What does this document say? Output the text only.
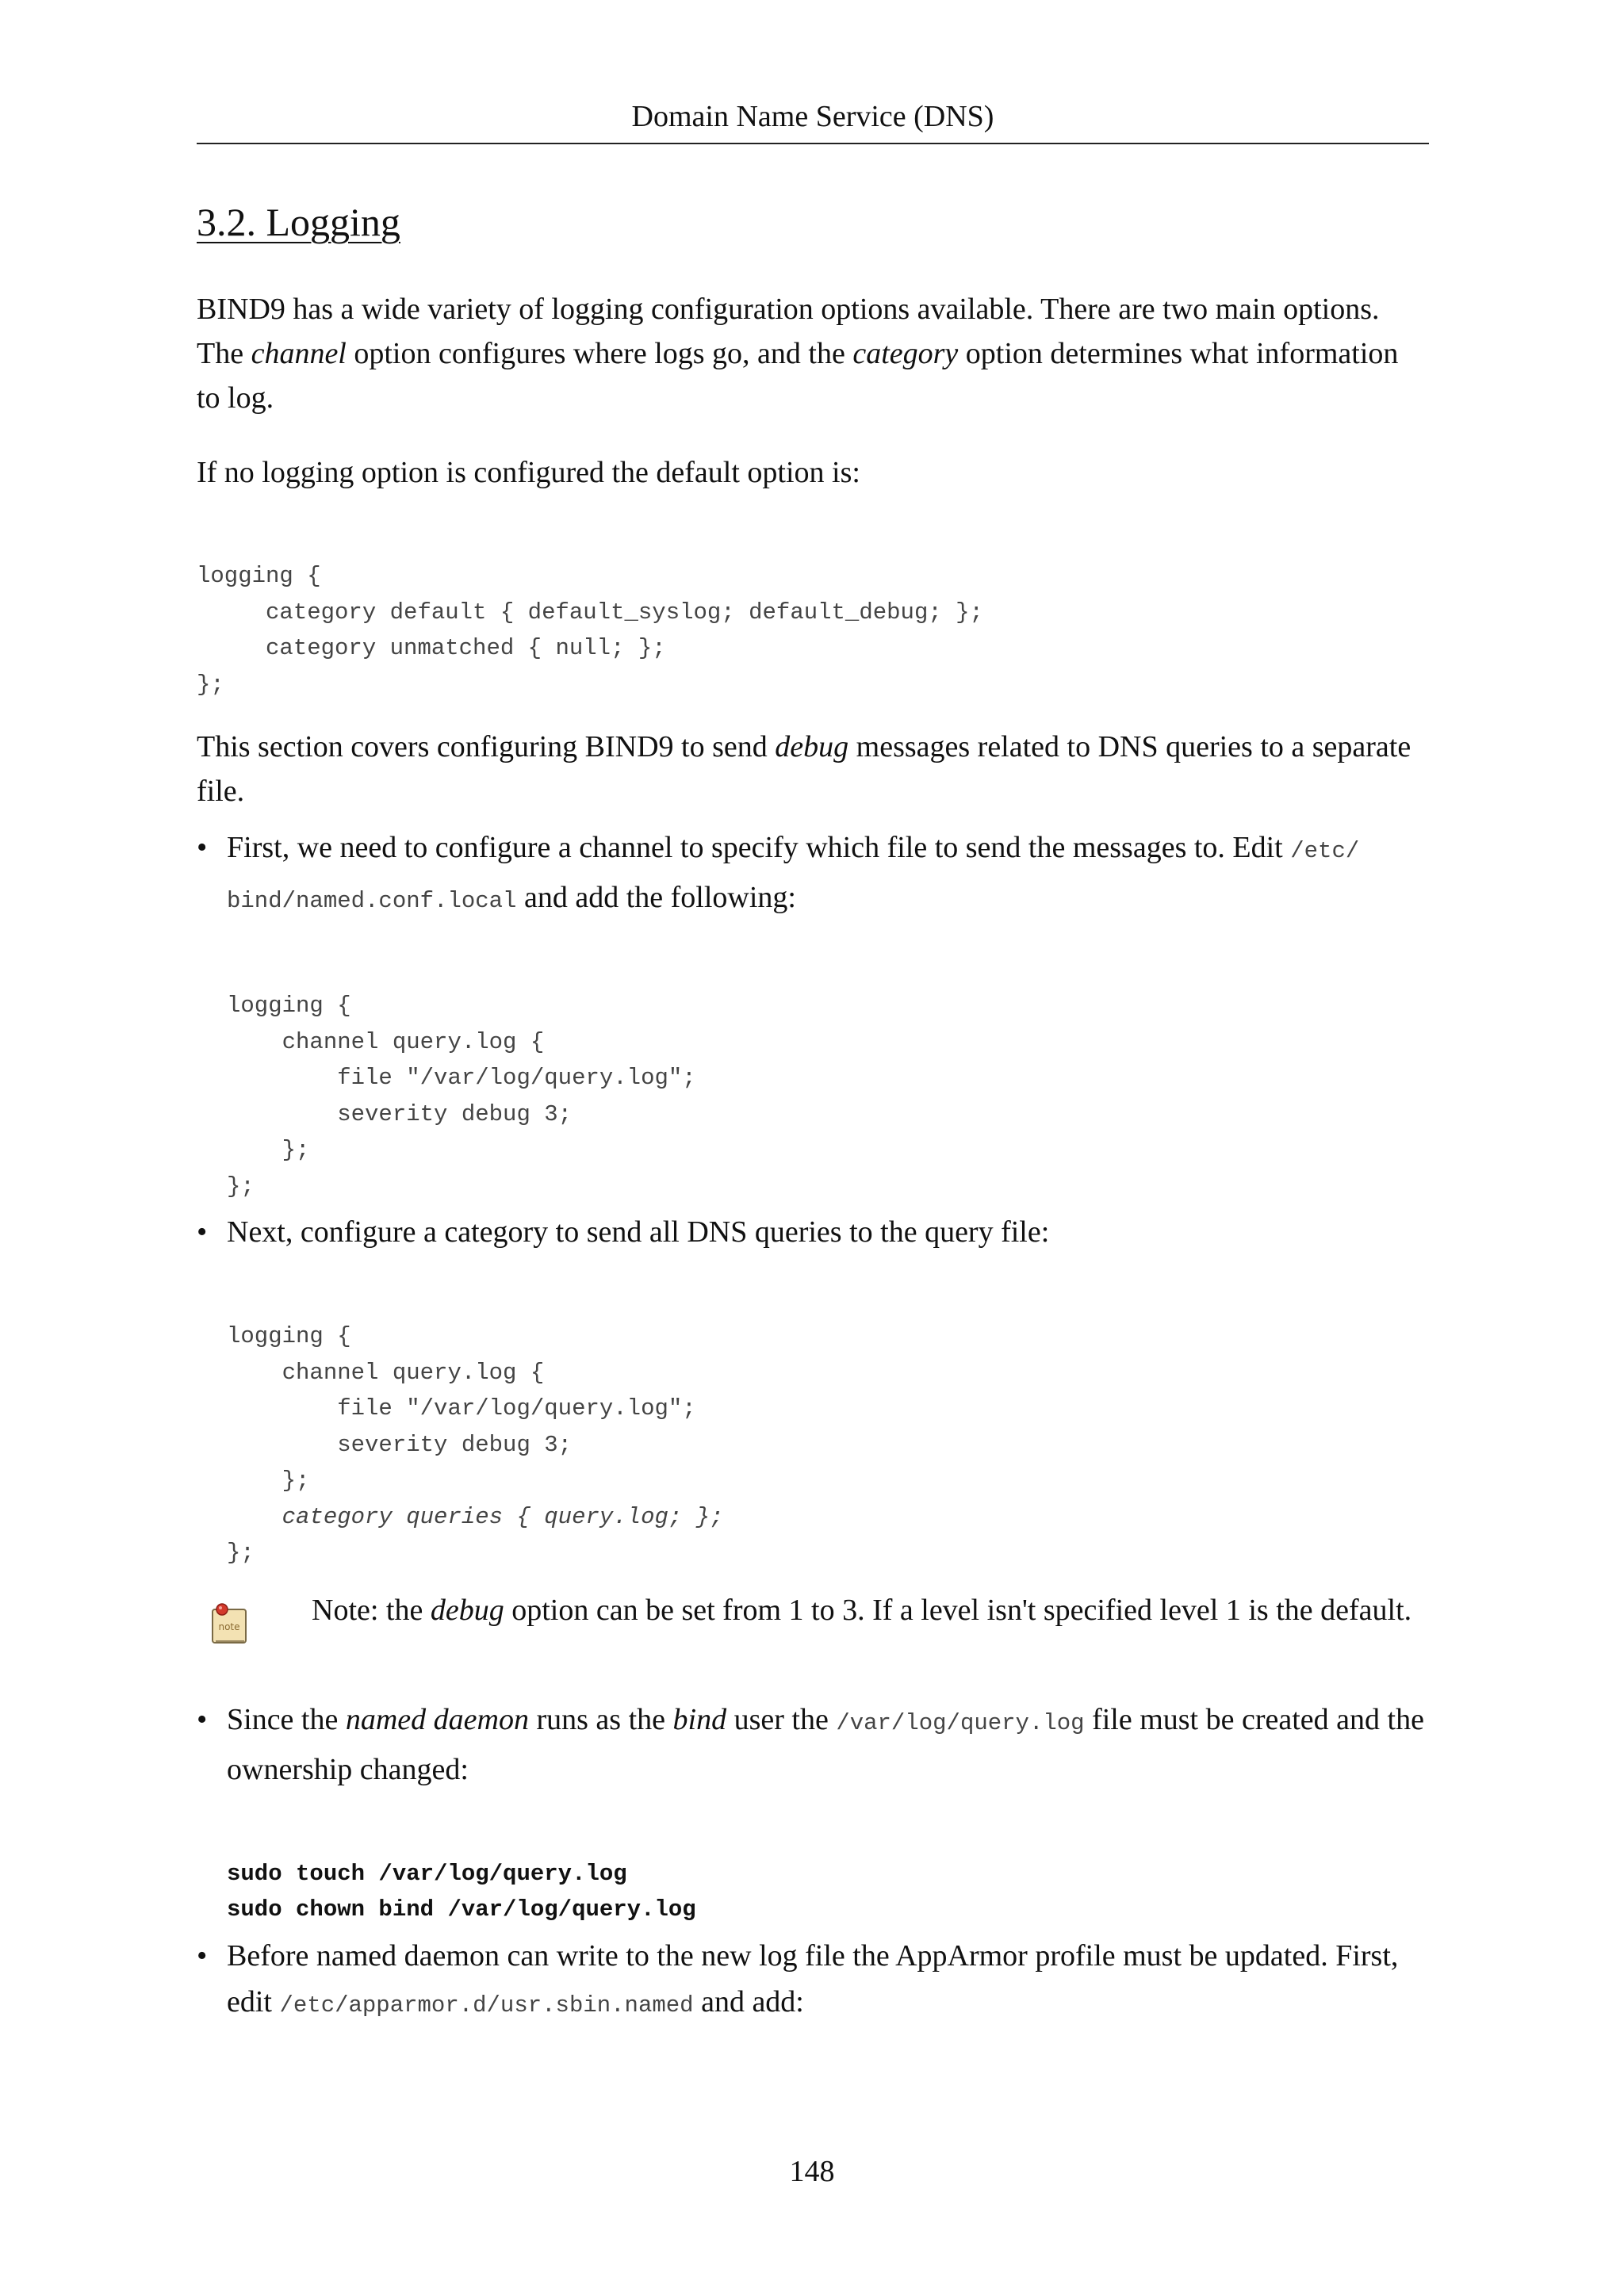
Domain Name Service (DNS)
3.2. Logging

BIND9 has a wide variety of logging configuration options available. There are two main options. The channel option configures where logs go, and the category option determines what information to log.

If no logging option is configured the default option is:

logging {
category default { default_syslog; default_debug; };
category unmatched { null; };
};

This section covers configuring BIND9 to send debug messages related to DNS queries to a separate file.

• First, we need to configure a channel to specify which file to send the messages to. Edit /etc/
bind/named.conf.local and add the following:
logging {
channel query.log {
file "/var/log/query.log";
severity debug 3;
};
};
• Next, configure a category to send all DNS queries to the query file:
logging {
channel query.log {
file "/var/log/query.log";
severity debug 3;
};
category queries { query.log; };
};
note Note: the debug option can be set from 1 to 3. If a level isn't specified level 1 is the default.
• Since the named daemon runs as the bind user the /var/log/query.log file must be created and the ownership changed:
sudo touch /var/log/query.log
sudo chown bind /var/log/query.log
• Before named daemon can write to the new log file the AppArmor profile must be updated. First, edit /etc/apparmor.d/usr.sbin.named and add:
148
